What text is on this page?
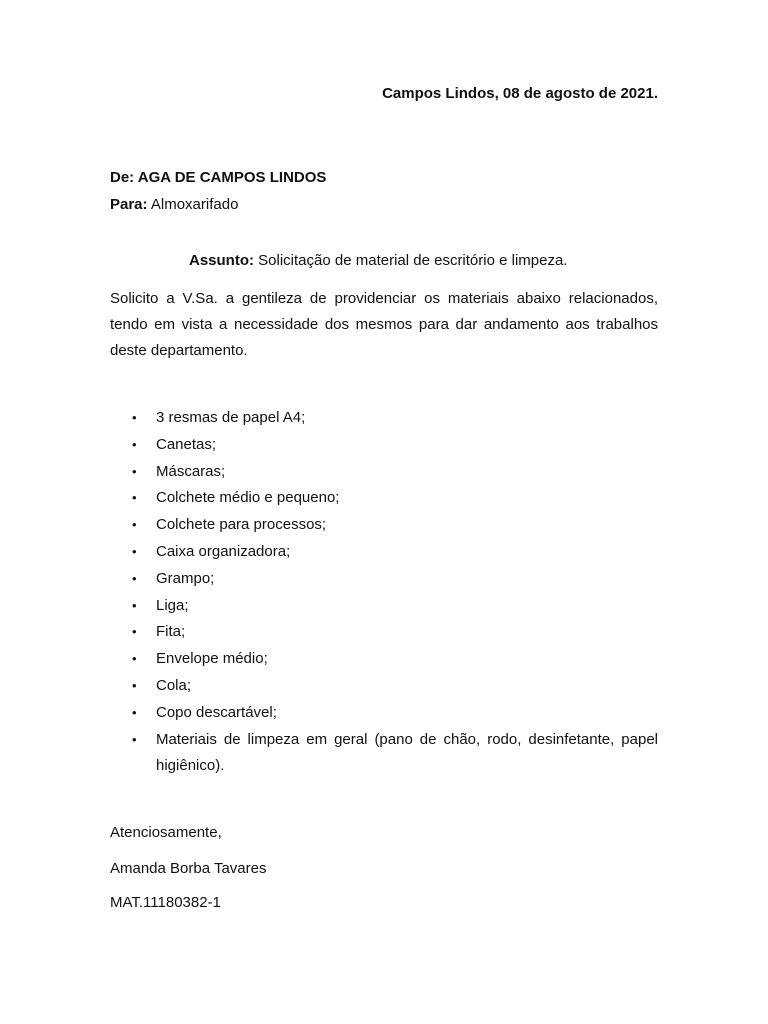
Campos Lindos, 08 de agosto de 2021.
De: AGA DE CAMPOS LINDOS
Para: Almoxarifado
Assunto: Solicitação de material de escritório e limpeza.

Solicito a V.Sa. a gentileza de providenciar os materiais abaixo relacionados, tendo em vista a necessidade dos mesmos para dar andamento aos trabalhos deste departamento.

• 3 resmas de papel A4;
• Canetas;
• Máscaras;
• Colchete médio e pequeno;
• Colchete para processos;
• Caixa organizadora;
• Grampo;
• Liga;
• Fita;
• Envelope médio;
• Cola;
• Copo descartável;
• Materiais de limpeza em geral (pano de chão, rodo, desinfetante, papel higiênico).
Atenciosamente,
Amanda Borba Tavares
MAT.11180382-1
